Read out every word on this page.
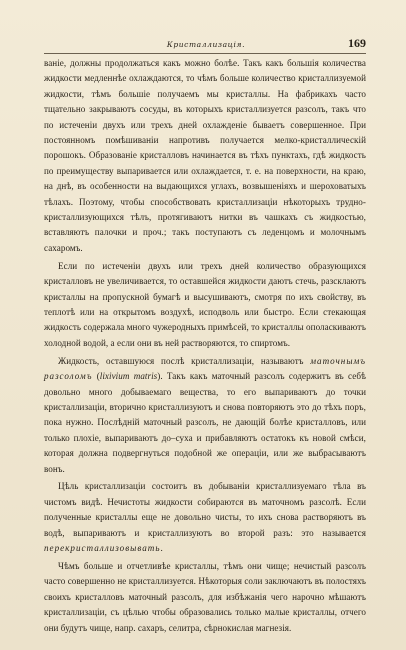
Кристаллизація.	169

ваніе, должны продолжаться какъ можно болѣе. Такъ какъ большія количества жидкости медленнѣе охлаждаются, то чѣмъ больше количество кристаллизуемой жидкости, тѣмъ большіе получаемъ мы кристаллы. На фабрикахъ часто тщательно закрываютъ сосуды, въ которыхъ кристаллизуется разсолъ, такъ что по истеченіи двухъ или трехъ дней охлажденіе бываетъ совершенное. При постоянномъ помѣшиваніи напротивъ получается мелко-кристаллическій порошокъ. Образованіе кристалловъ начинается въ тѣхъ пунктахъ, гдѣ жидкость по преимуществу выпаривается или охлаждается, т. е. на поверхности, на краю, на днѣ, въ особенности на выдающихся углахъ, возвышеніяхъ и шероховатыхъ тѣлахъ. Поэтому, чтобы способствовать кристаллизаціи нѣкоторыхъ трудно-кристаллизующихся тѣлъ, протягиваютъ нитки въ чашкахъ съ жидкостью, вставляютъ палочки и проч.; такъ поступаютъ съ леденцомъ и молочнымъ сахаромъ.

Если по истеченіи двухъ или трехъ дней количество образующихся кристалловъ не увеличивается, то оставшейся жидкости даютъ стечь, разсклаютъ кристаллы на пропускной бумагѣ и высушиваютъ, смотря по ихъ свойству, въ теплотѣ или на открытомъ воздухѣ, исподволь или быстро. Если стекающая жидкость содержала много чужеродныхъ примѣсей, то кристаллы ополаскиваютъ холодной водой, а если они въ ней растворяются, то спиртомъ.

Жидкость, оставшуюся послѣ кристаллизаціи, называютъ маточнымъ разсоломъ (lixivium matris). Такъ какъ маточный разсолъ содержитъ въ себѣ довольно много добываемаго вещества, то его выпариваютъ до точки кристаллизаціи, вторично кристаллизуютъ и снова повторяютъ это до тѣхъ поръ, пока нужно. Послѣдній маточный разсолъ, не дающій болѣе кристалловъ, или только плохіе, выпариваютъ до–суха и прибавляютъ остатокъ къ новой смѣси, которая должна подвергнуться подобной же операціи, или же выбрасываютъ вонъ.

Цѣль кристаллизаціи состоитъ въ добываніи кристаллизуемаго тѣла въ чистомъ видѣ. Нечистоты жидкости собираются въ маточномъ разсолѣ. Если полученные кристаллы еще не довольно чисты, то ихъ снова растворяютъ въ водѣ, выпариваютъ и кристаллизуютъ во второй разъ: это называется перекристаллизовывать.

Чѣмъ больше и отчетливѣе кристаллы, тѣмъ они чище; нечистый разсолъ часто совершенно не кристаллизуется. Нѣкоторыя соли заключаютъ въ полостяхъ своихъ кристалловъ маточный разсолъ, для избѣжанія чего нарочно мѣшаютъ кристаллизаціи, съ цѣлью чтобы образовались только малые кристаллы, отчего они будутъ чище, напр. сахаръ, селитра, сѣрнокислая магнезія.
